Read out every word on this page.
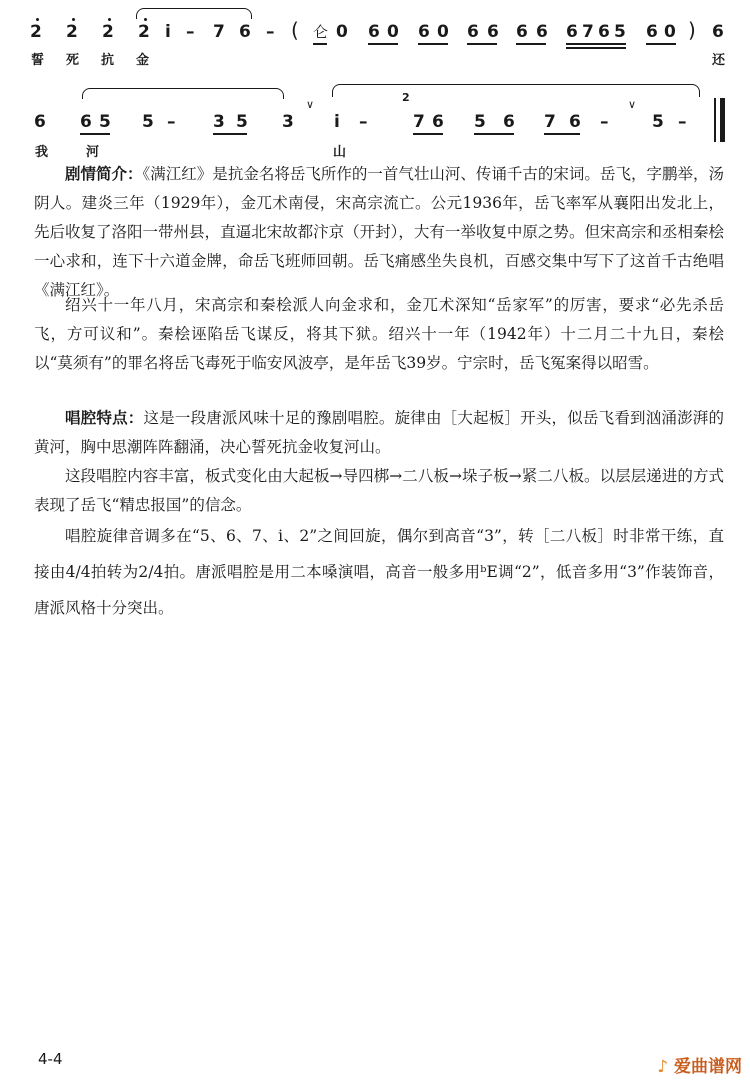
2 2 2 2 i – 7 6 – ( 仑 0 6 0 6 0 6 6 6 6 6 7 6 5 6 0 ) 6
誓 死 抗 金	还
6 6 5 5 – 3 5 3
∨
i –
2
7 6 5 6 7 6 –
∨
5 –
我	河	山
剧情简介：《满江红》是抗金名将岳飞所作的一首气壮山河、传诵千古的宋词。岳飞，字鹏举，汤阴人。建炎三年（1929年），金兀术南侵，宋高宗流亡。公元1936年，岳飞率军从襄阳出发北上，先后收复了洛阳一带州县，直逼北宋故都汴京（开封），大有一举收复中原之势。但宋高宗和丞相秦桧一心求和，连下十六道金牌，命岳飞班师回朝。岳飞痛感坐失良机，百感交集中写下了这首千古绝唱《满江红》。
绍兴十一年八月，宋高宗和秦桧派人向金求和，金兀术深知“岳家军”的厉害，要求“必先杀岳飞，方可议和”。秦桧诬陷岳飞谋反，将其下狱。绍兴十一年（1942年）十二月二十九日，秦桧以“莫须有”的罪名将岳飞毒死于临安风波亭，是年岳飞39岁。宁宗时，岳飞冤案得以昭雪。
唱腔特点：这是一段唐派风味十足的豫剧唱腔。旋律由［大起板］开头，似岳飞看到汹涌澎湃的黄河，胸中思潮阵阵翻涌，决心誓死抗金收复河山。
这段唱腔内容丰富，板式变化由大起板→导四梆→二八板→垛子板→紧二八板。以层层递进的方式表现了岳飞“精忠报国”的信念。
唱腔旋律音调多在“5、6、7、i、2”之间回旋，偶尔到高音“3”，转［二八板］时非常干练，直接由4/4拍转为2/4拍。唐派唱腔是用二本嗓演唱，高音一般多用ᵇE调“2”，低音多用“3”作装饰音，唐派风格十分突出。
4-4	♪ 爱曲谱网
